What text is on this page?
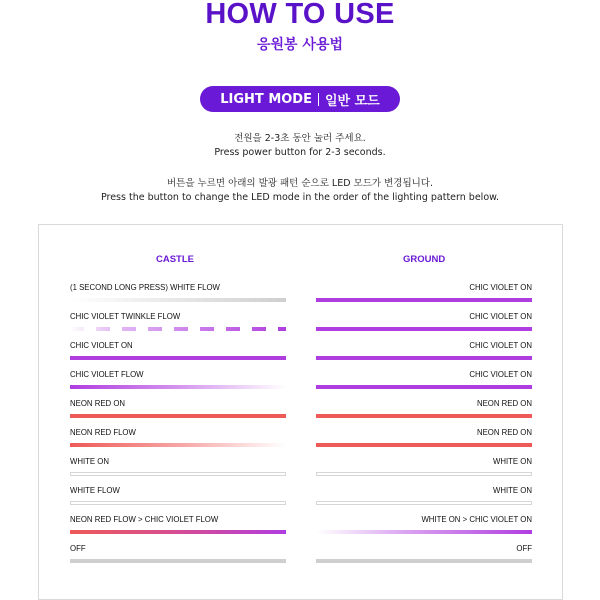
HOW TO USE
응원봉 사용법
LIGHT MODE 일반 모드
전원을 2-3초 동안 눌러 주세요.
Press power button for 2-3 seconds.
버튼을 누르면 아래의 발광 패턴 순으로 LED 모드가 변경됩니다.
Press the button to change the LED mode in the order of the lighting pattern below.
CASTLE	GROUND
(1 SECOND LONG PRESS) WHITE FLOW
CHIC VIOLET TWINKLE FLOW
CHIC VIOLET ON
CHIC VIOLET FLOW
NEON RED ON
NEON RED FLOW
WHITE ON
WHITE FLOW
NEON RED FLOW > CHIC VIOLET FLOW
OFF
CHIC VIOLET ON
CHIC VIOLET ON
CHIC VIOLET ON
CHIC VIOLET ON
NEON RED ON
NEON RED ON
WHITE ON
WHITE ON
WHITE ON > CHIC VIOLET ON
OFF
